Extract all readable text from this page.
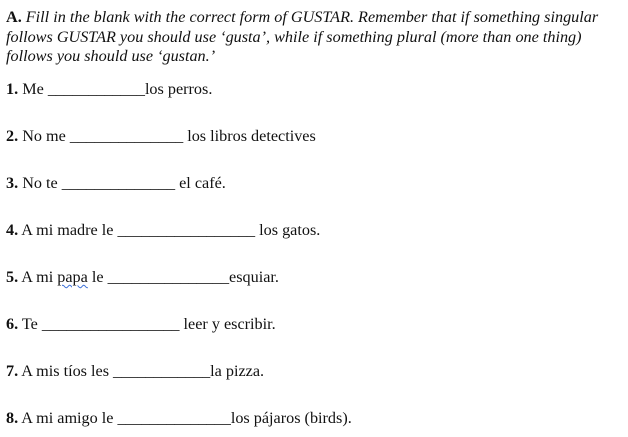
A. Fill in the blank with the correct form of GUSTAR. Remember that if something singular follows GUSTAR you should use ‘gusta’, while if something plural (more than one thing) follows you should use ‘gustan.’
1. Me ____________los perros.
2. No me ______________ los libros detectives
3. No te ______________ el café.
4. A mi madre le _________________ los gatos.
5. A mi papa le _______________esquiar.
6. Te _________________ leer y escribir.
7. A mis tíos les ____________la pizza.
8. A mi amigo le ______________los pájaros (birds).
